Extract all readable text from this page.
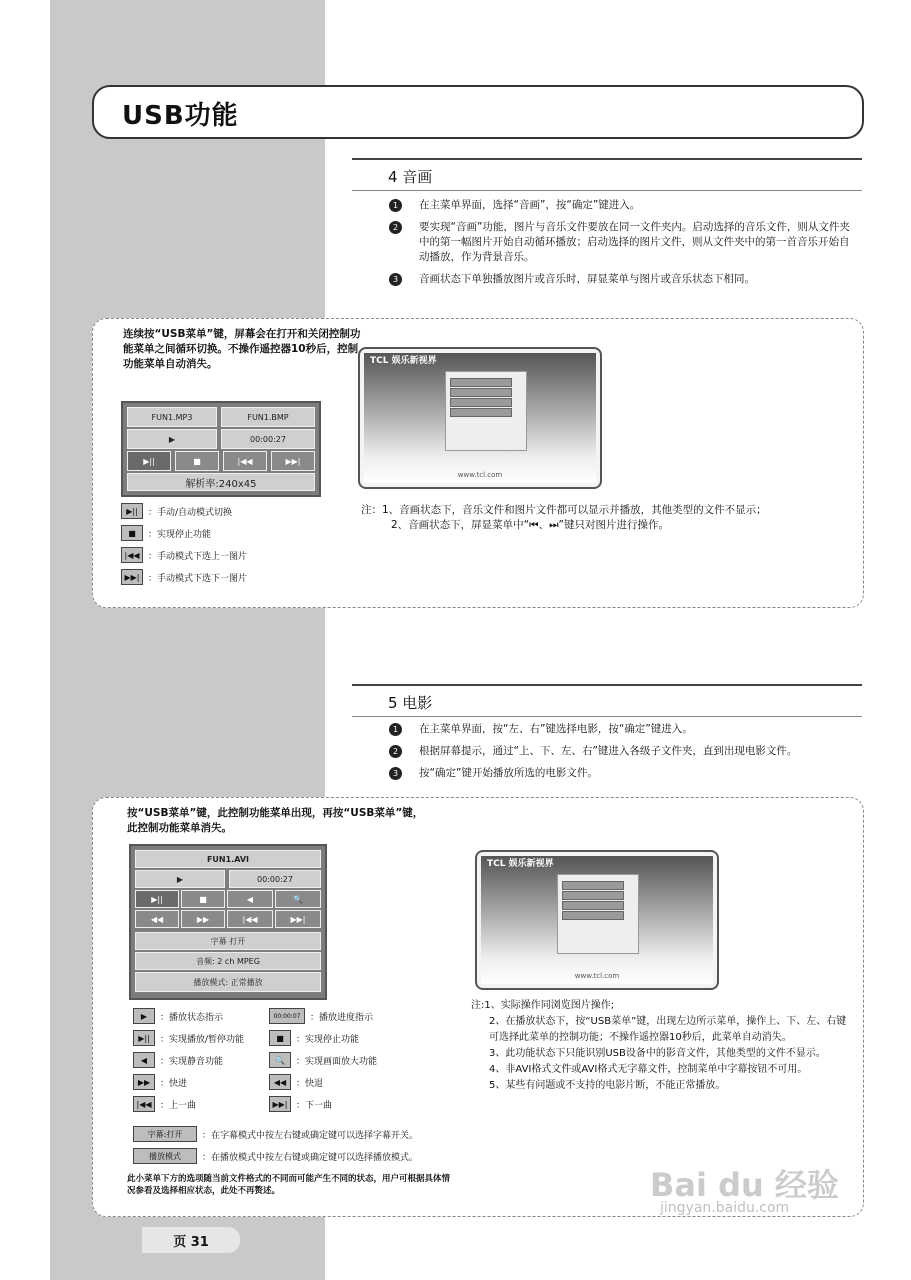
USB功能
4 音画
1	在主菜单界面，选择“音画”，按“确定”键进入。
2	要实现“音画”功能，图片与音乐文件要放在同一文件夹内。启动选择的音乐文件，则从文件夹中的第一幅图片开始自动循环播放；启动选择的图片文件，则从文件夹中的第一首音乐开始自动播放，作为背景音乐。
3	音画状态下单独播放图片或音乐时，屏显菜单与图片或音乐状态下相同。
连续按“USB菜单”键，屏幕会在打开和关闭控制功能菜单之间循环切换。不操作遥控器10秒后，控制功能菜单自动消失。
FUN1.MP3	FUN1.BMP
▶	00:00:27
▶||	■	|◀◀	▶▶|
解析率:240x45
▶||	：手动/自动模式切换
■	：实现停止功能
|◀◀ ：手动模式下选上一图片
▶▶| ：手动模式下选下一图片
TCL 娱乐新视界
www.tcl.com
注：1、音画状态下，音乐文件和图片文件都可以显示并播放，其他类型的文件不显示；
2、音画状态下，屏显菜单中“⏮、⏭”键只对图片进行操作。
5 电影
1	在主菜单界面，按“左、右”键选择电影，按“确定”键进入。
2	根据屏幕提示，通过“上、下、左、右”键进入各级子文件夹，直到出现电影文件。
3	按“确定”键开始播放所选的电影文件。
按“USB菜单”键，此控制功能菜单出现，再按“USB菜单”键，此控制功能菜单消失。
FUN1.AVI
▶	00:00:27
▶||	■	◀	🔍
◀◀	▶▶	|◀◀	▶▶|
字幕 打开
音频: 2 ch MPEG
播放模式: 正常播放
▶	：播放状态指示	00:00:07	：播放进度指示
▶||	：实现播放/暂停功能	■	：实现停止功能
◀	：实现静音功能	🔍	：实现画面放大功能
▶▶	：快进	◀◀	：快退
|◀◀ ：上一曲	▶▶| ：下一曲
字幕:打开	：在字幕模式中按左右键或确定键可以选择字幕开关。
播放模式	：在播放模式中按左右键或确定键可以选择播放模式。
此小菜单下方的选项随当前文件格式的不同而可能产生不同的状态，用户可根据具体情况参看及选择相应状态，此处不再赘述。
TCL 娱乐新视界
www.tcl.com
注:1、实际操作同浏览图片操作;
2、在播放状态下，按“USB菜单”键，出现左边所示菜单，操作上、下、左、右键可选择此菜单的控制功能；不操作遥控器10秒后，此菜单自动消失。
3、此功能状态下只能识别USB设备中的影音文件，其他类型的文件不显示。
4、非AVI格式文件或AVI格式无字幕文件，控制菜单中字幕按钮不可用。
5、某些有问题或不支持的电影片断，不能正常播放。
页 31
Bai du 经验
jingyan.baidu.com
